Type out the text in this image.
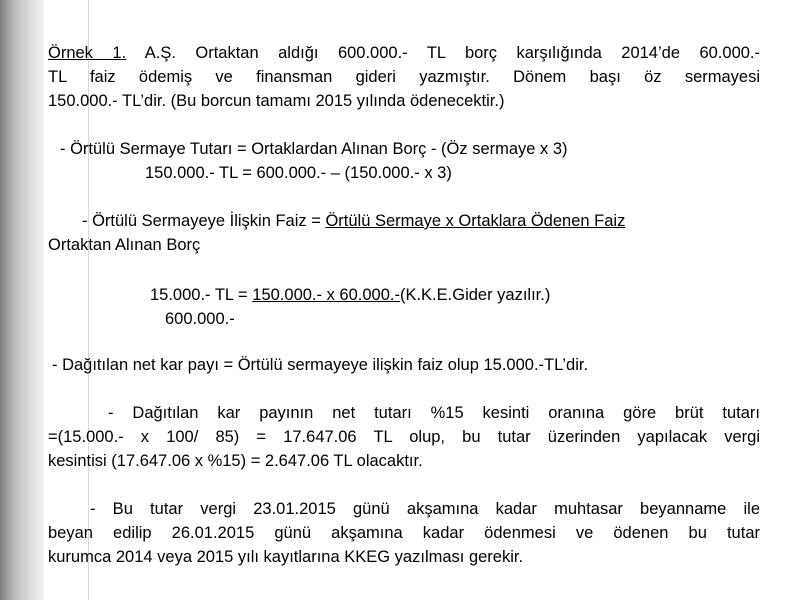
Örnek 1. A.Ş. Ortaktan aldığı 600.000.- TL borç karşılığında 2014’de 60.000.-
TL faiz ödemiş ve finansman gideri yazmıştır. Dönem başı öz sermayesi
150.000.- TL’dir. (Bu borcun tamamı 2015 yılında ödenecektir.)
- Örtülü Sermaye Tutarı = Ortaklardan Alınan Borç - (Öz sermaye x 3)
150.000.- TL = 600.000.- – (150.000.- x 3)
- Örtülü Sermayeye İlişkin Faiz = Örtülü Sermaye x Ortaklara Ödenen Faiz
Ortaktan Alınan Borç
15.000.- TL = 150.000.- x 60.000.-(K.K.E.Gider yazılır.)
600.000.-
- Dağıtılan net kar payı = Örtülü sermayeye ilişkin faiz olup 15.000.-TL’dir.
- Dağıtılan kar payının net tutarı %15 kesinti oranına göre brüt tutarı
=(15.000.- x 100/ 85) = 17.647.06 TL olup, bu tutar üzerinden yapılacak vergi
kesintisi (17.647.06 x %15) = 2.647.06 TL olacaktır.
- Bu tutar vergi 23.01.2015 günü akşamına kadar muhtasar beyanname ile
beyan edilip 26.01.2015 günü akşamına kadar ödenmesi ve ödenen bu tutar
kurumca 2014 veya 2015 yılı kayıtlarına KKEG yazılması gerekir.
